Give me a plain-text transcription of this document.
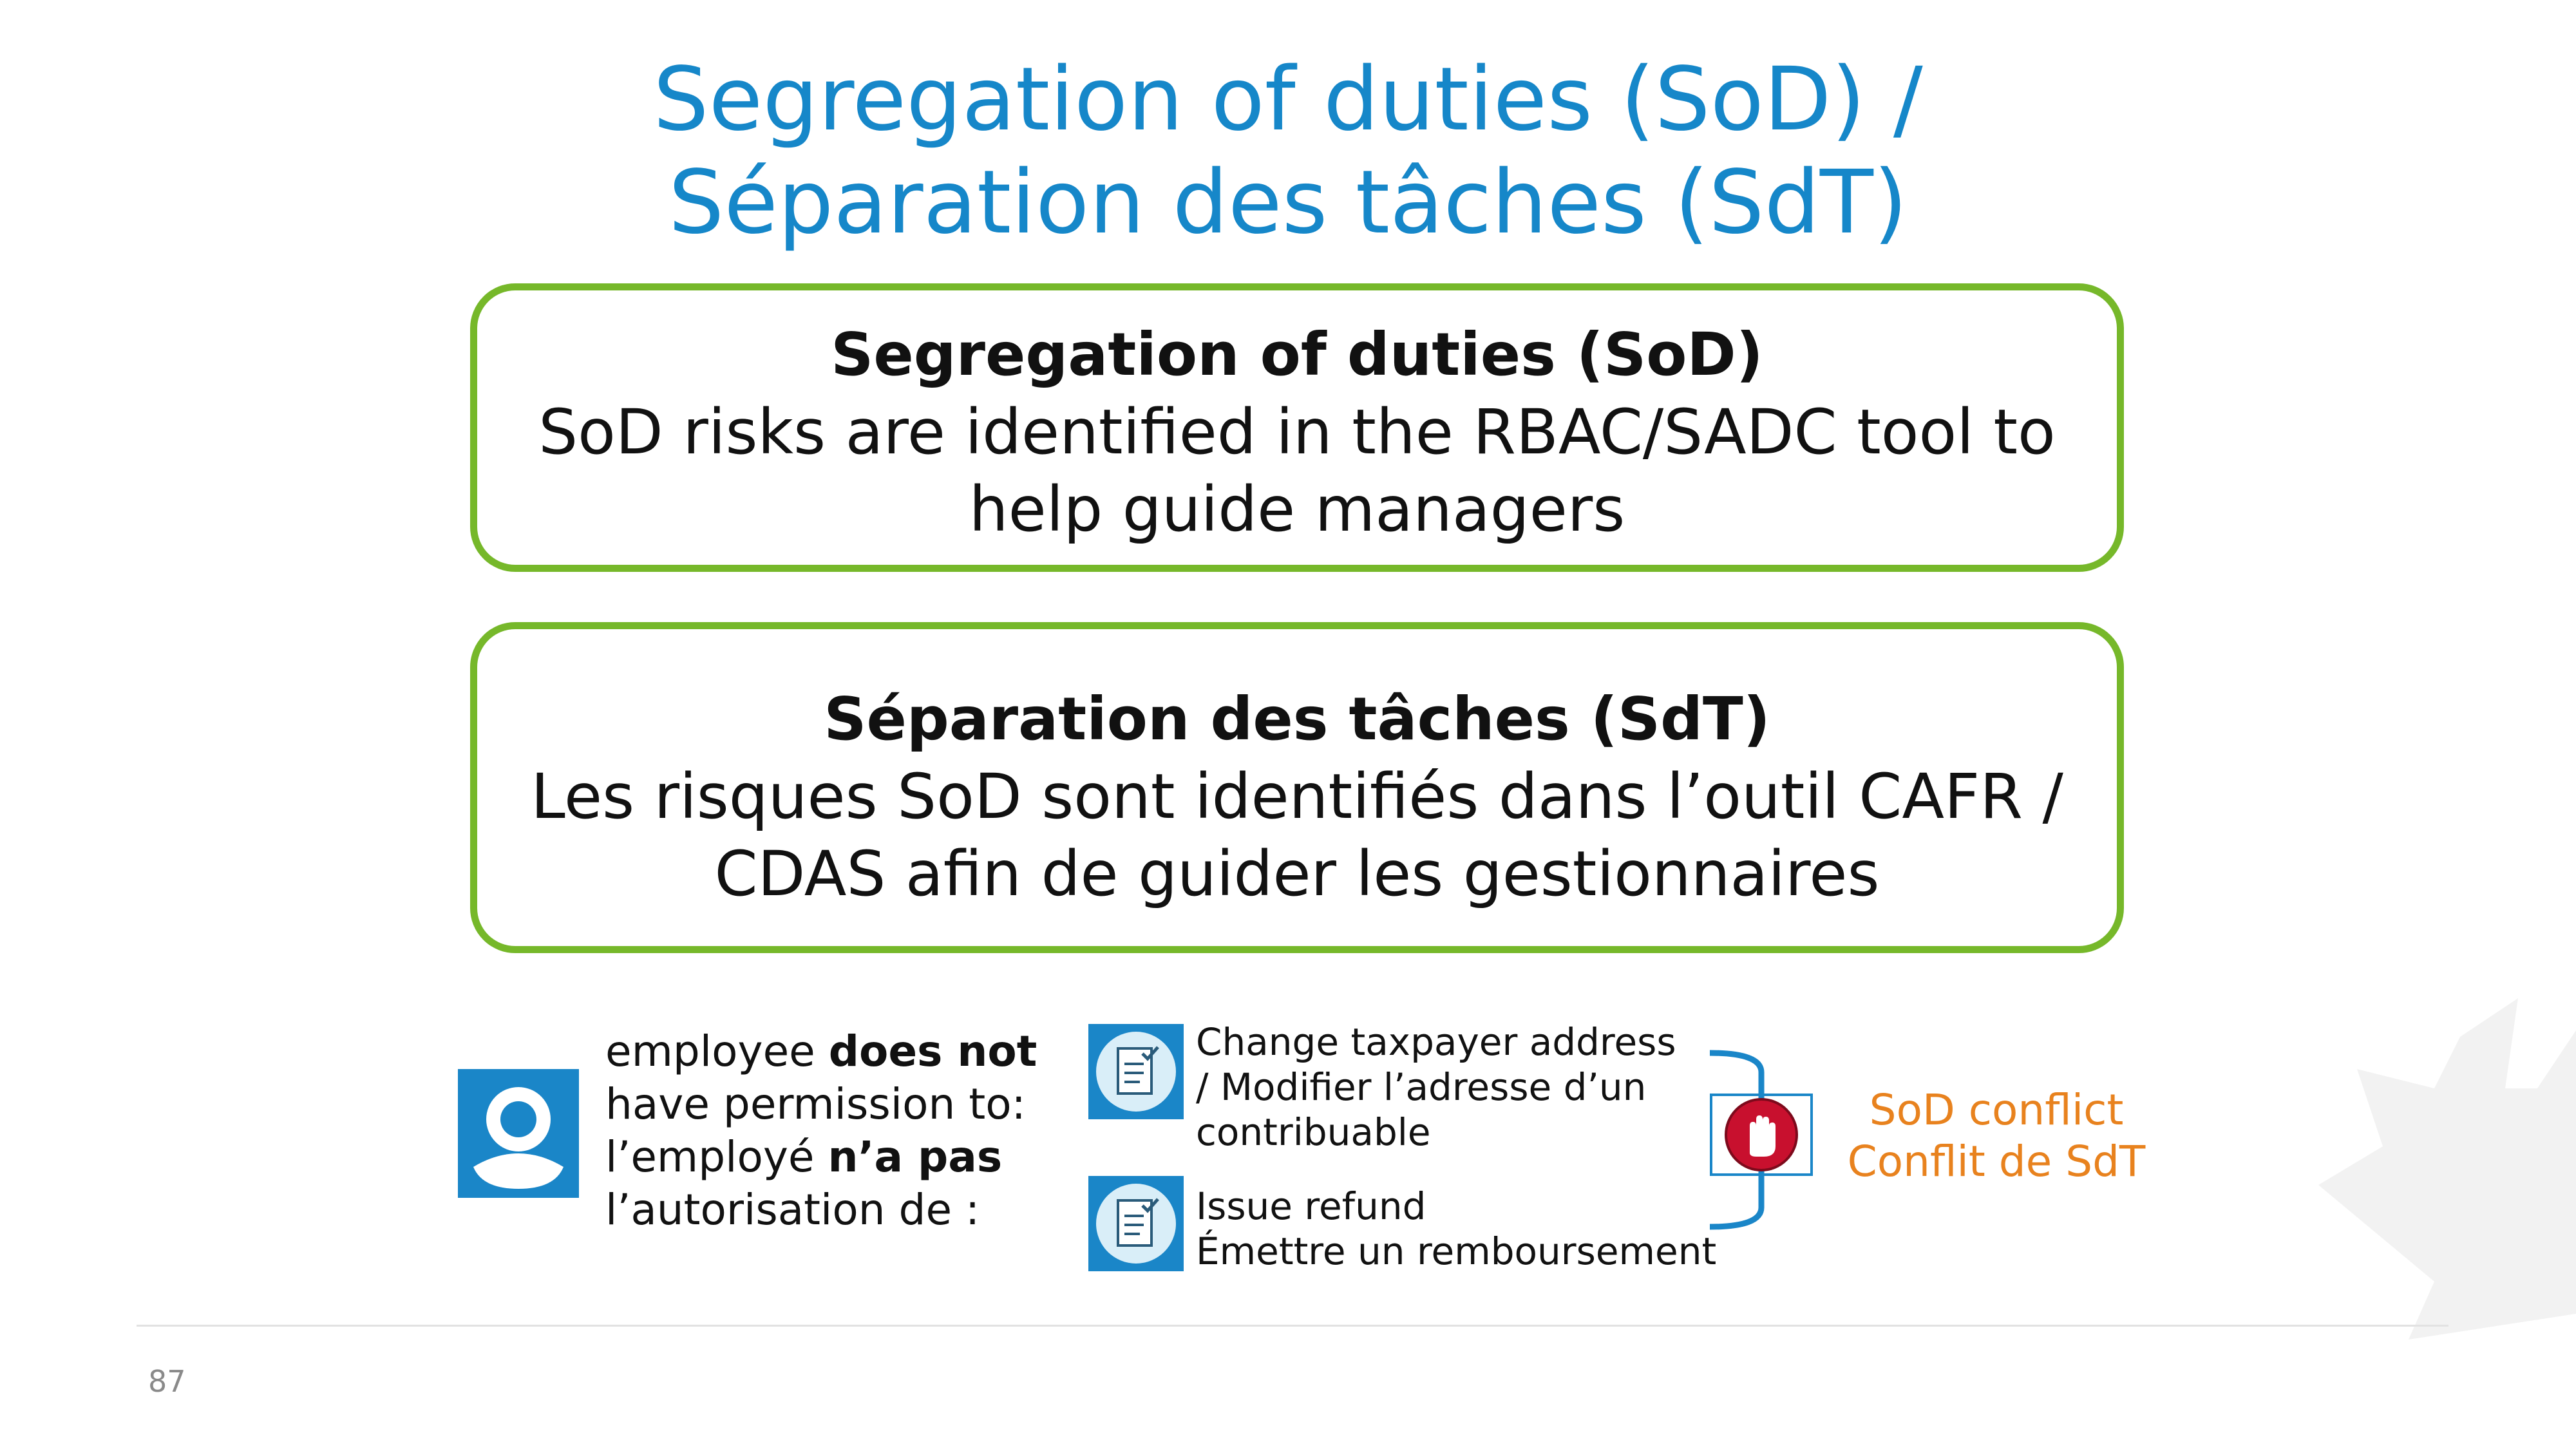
Segregation of duties (SoD) /
Séparation des tâches (SdT)
Segregation of duties (SoD)
SoD risks are identified in the RBAC/SADC tool to
help guide managers
Séparation des tâches (SdT)
Les risques SoD sont identifiés dans l’outil CAFR /
CDAS afin de guider les gestionnaires
employee does not
have permission to:
l’employé n’a pas
l’autorisation de :
Change taxpayer address
/ Modifier l’adresse d’un
contribuable
Issue refund
Émettre un remboursement
SoD conflict
Conflit de SdT
87
